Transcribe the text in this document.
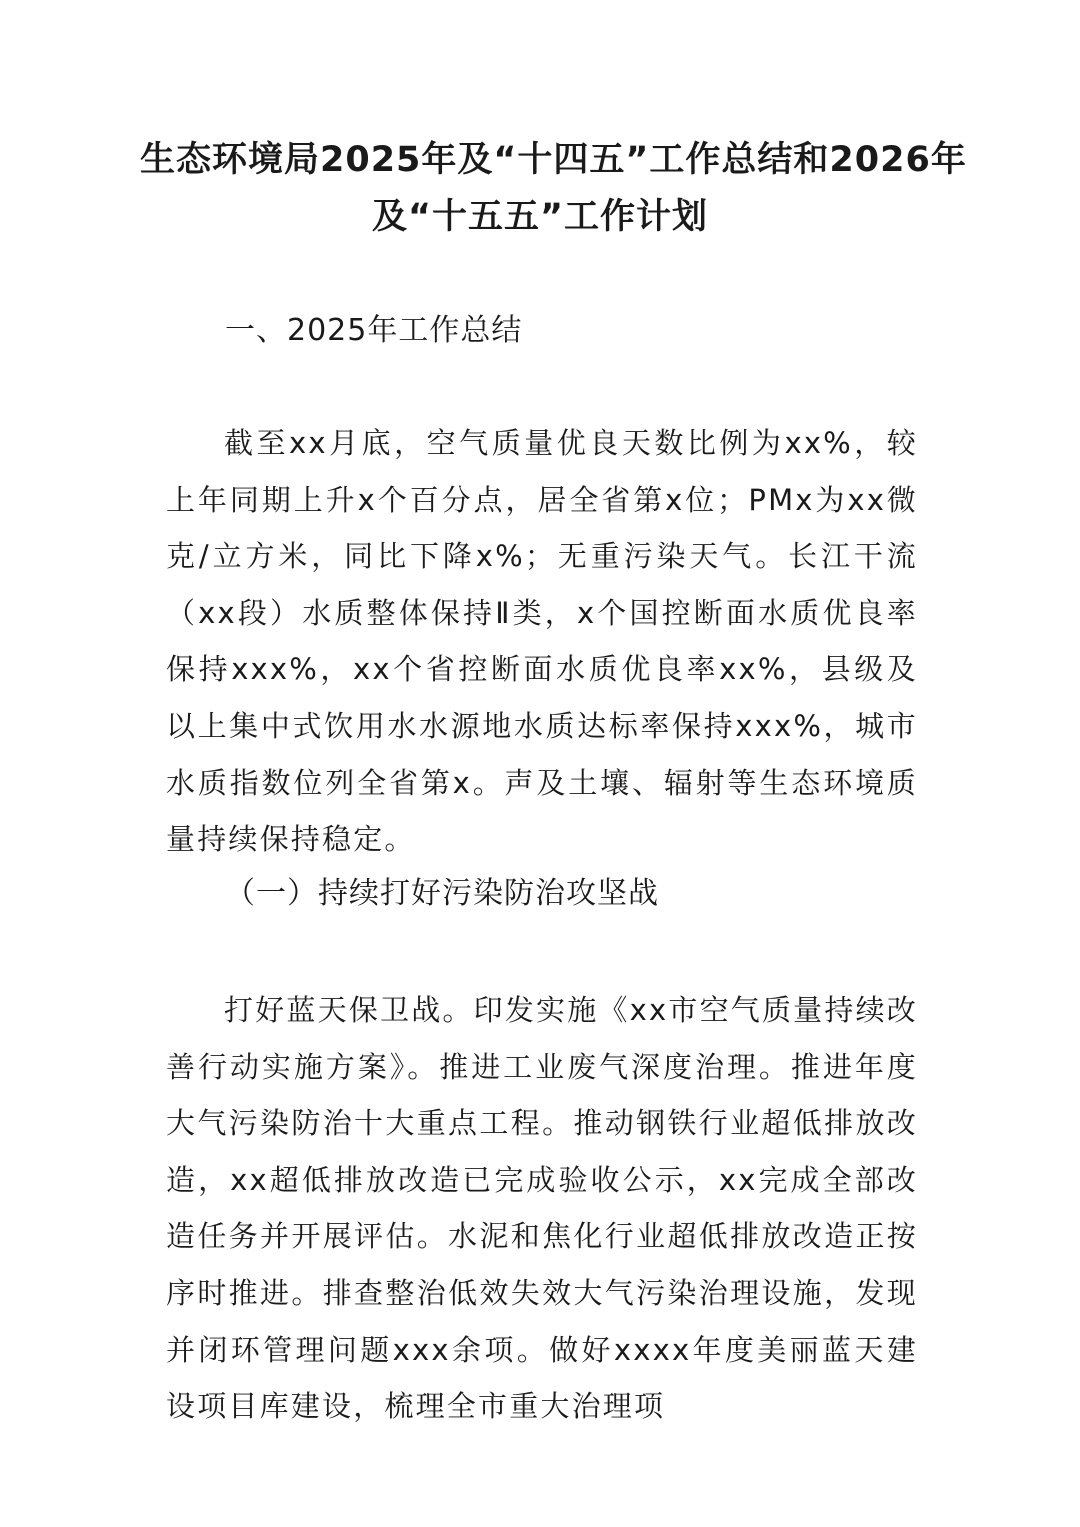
生态环境局2025年及“十四五”工作总结和2026年
及“十五五”工作计划
一、2025年工作总结

截至xx月底，空气质量优良天数比例为xx%，较上年同期上升x个百分点，居全省第x位；PMx为xx微克/立方米，同比下降x%；无重污染天气。长江干流（xx段）水质整体保持Ⅱ类，x个国控断面水质优良率保持xxx%，xx个省控断面水质优良率xx%，县级及以上集中式饮用水水源地水质达标率保持xxx%，城市水质指数位列全省第x。声及土壤、辐射等生态环境质量持续保持稳定。

（一）持续打好污染防治攻坚战

打好蓝天保卫战。印发实施《xx市空气质量持续改善行动实施方案》。推进工业废气深度治理。推进年度大气污染防治十大重点工程。推动钢铁行业超低排放改造，xx超低排放改造已完成验收公示，xx完成全部改造任务并开展评估。水泥和焦化行业超低排放改造正按序时推进。排查整治低效失效大气污染治理设施，发现并闭环管理问题xxx余项。做好xxxx年度美丽蓝天建设项目库建设，梳理全市重大治理项
